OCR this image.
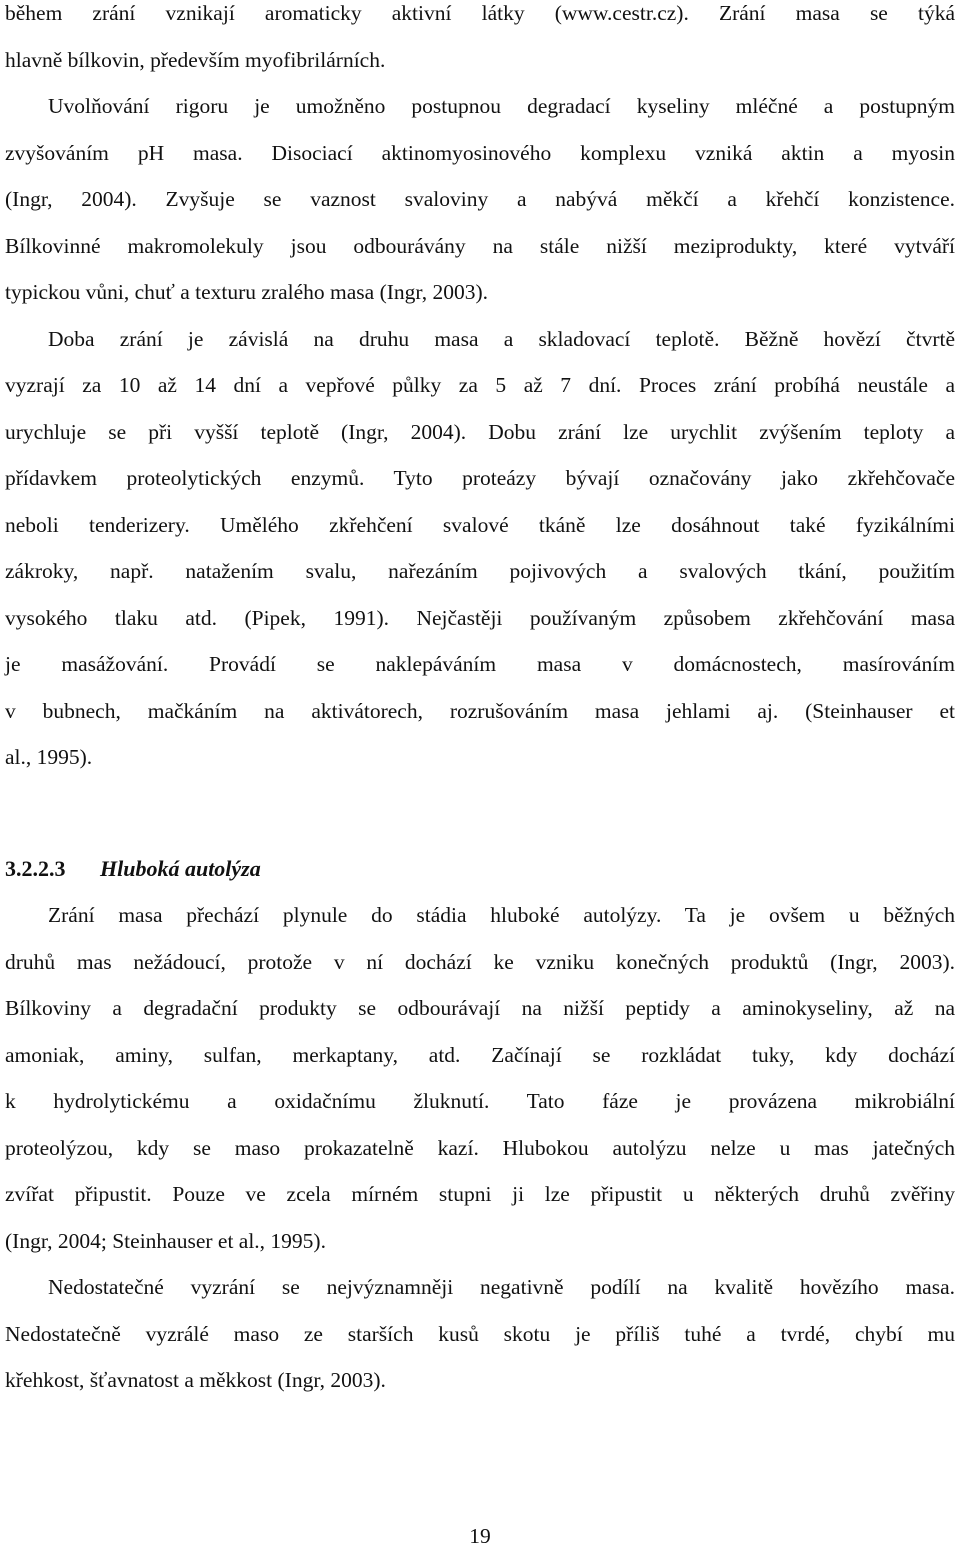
během zrání vznikají aromaticky aktivní látky (www.cestr.cz). Zrání masa se týká
hlavně bílkovin, především myofibrilárních.
Uvolňování rigoru je umožněno postupnou degradací kyseliny mléčné a postupným
zvyšováním pH masa. Disociací aktinomyosinového komplexu vzniká aktin a myosin
(Ingr, 2004). Zvyšuje se vaznost svaloviny a nabývá měkčí a křehčí konzistence.
Bílkovinné makromolekuly jsou odbourávány na stále nižší meziprodukty, které vytváří
typickou vůni, chuť a texturu zralého masa (Ingr, 2003).
Doba zrání je závislá na druhu masa a skladovací teplotě. Běžně hovězí čtvrtě
vyzrají za 10 až 14 dní a vepřové půlky za 5 až 7 dní. Proces zrání probíhá neustále a
urychluje se při vyšší teplotě (Ingr, 2004). Dobu zrání lze urychlit zvýšením teploty a
přídavkem proteolytických enzymů. Tyto proteázy bývají označovány jako zkřehčovače
neboli tenderizery. Umělého zkřehčení svalové tkáně lze dosáhnout také fyzikálními
zákroky, např. natažením svalu, nařezáním pojivových a svalových tkání, použitím
vysokého tlaku atd. (Pipek, 1991). Nejčastěji používaným způsobem zkřehčování masa
je masážování. Provádí se naklepáváním masa v domácnostech, masírováním
v bubnech, mačkáním na aktivátorech, rozrušováním masa jehlami aj. (Steinhauser et
al., 1995).
3.2.2.3 Hluboká autolýza
Zrání masa přechází plynule do stádia hluboké autolýzy. Ta je ovšem u běžných
druhů mas nežádoucí, protože v ní dochází ke vzniku konečných produktů (Ingr, 2003).
Bílkoviny a degradační produkty se odbourávají na nižší peptidy a aminokyseliny, až na
amoniak, aminy, sulfan, merkaptany, atd. Začínají se rozkládat tuky, kdy dochází
k hydrolytickému a oxidačnímu žluknutí. Tato fáze je provázena mikrobiální
proteolýzou, kdy se maso prokazatelně kazí. Hlubokou autolýzu nelze u mas jatečných
zvířat připustit. Pouze ve zcela mírném stupni ji lze připustit u některých druhů zvěřiny
(Ingr, 2004; Steinhauser et al., 1995).
Nedostatečné vyzrání se nejvýznamněji negativně podílí na kvalitě hovězího masa.
Nedostatečně vyzrálé maso ze starších kusů skotu je příliš tuhé a tvrdé, chybí mu
křehkost, šťavnatost a měkkost (Ingr, 2003).
19
